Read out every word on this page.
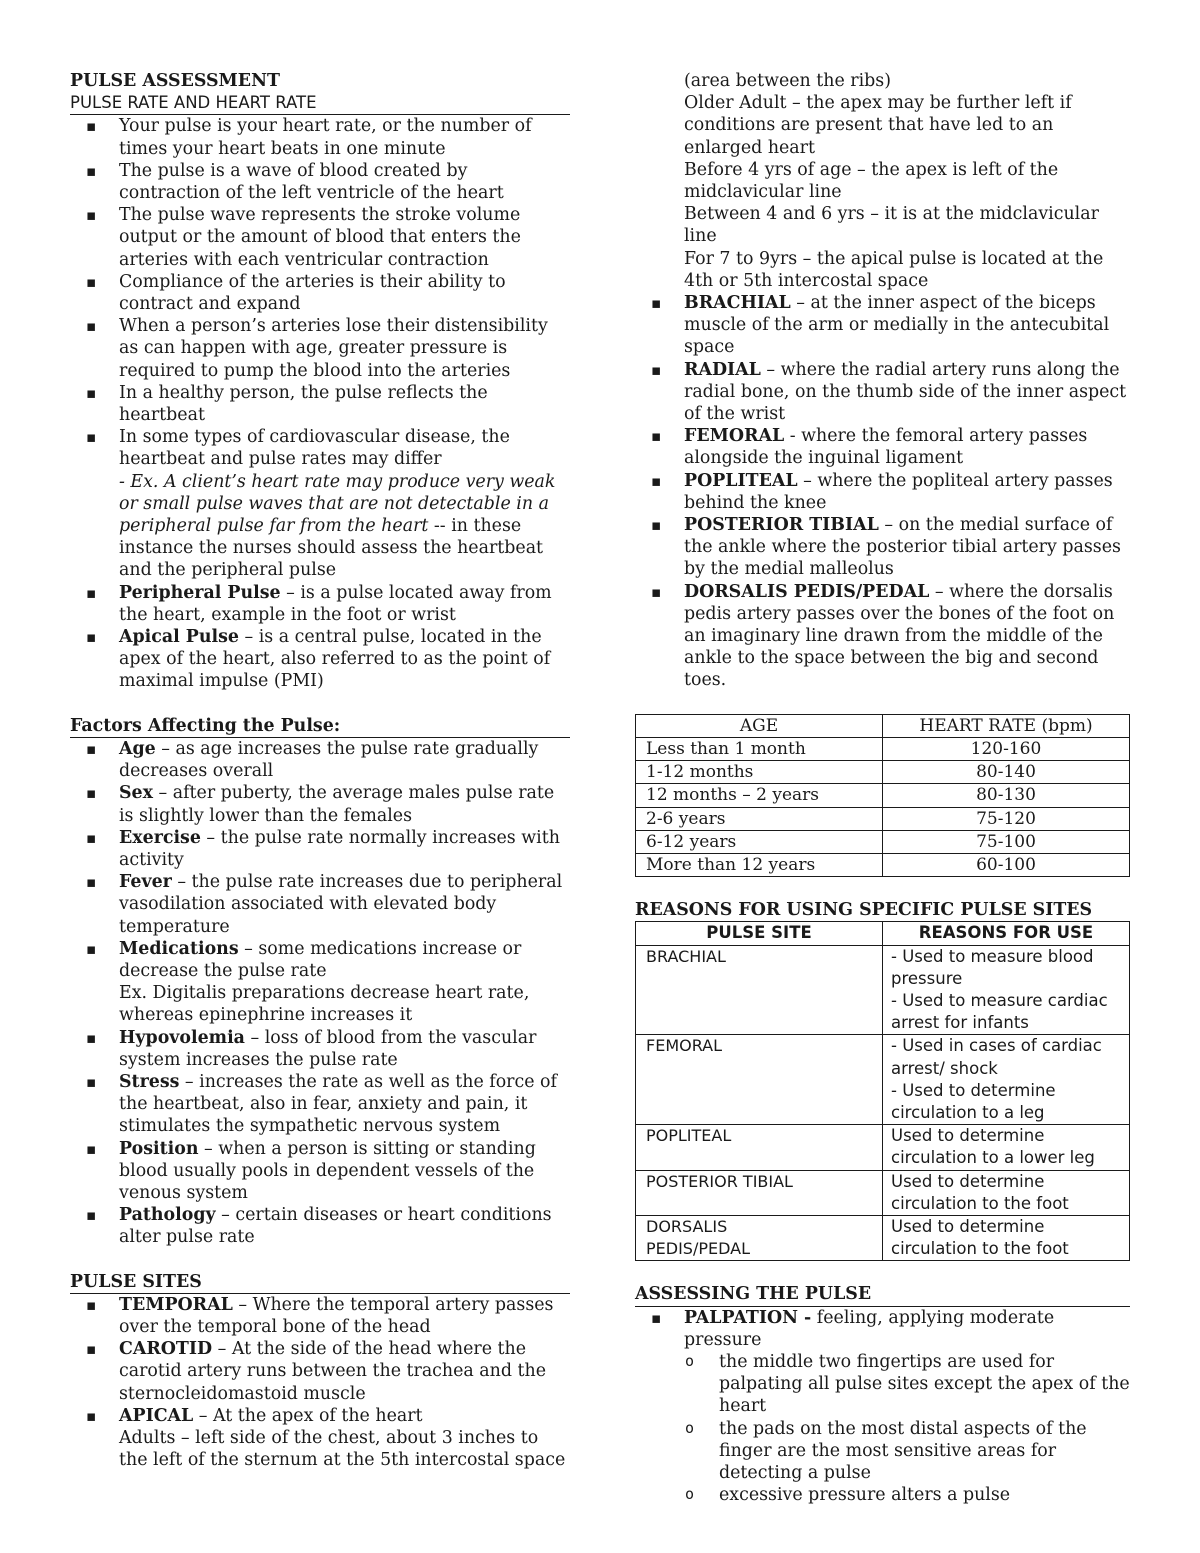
PULSE ASSESSMENT
PULSE RATE AND HEART RATE
▪ Your pulse is your heart rate, or the number of times your heart beats in one minute
▪ The pulse is a wave of blood created by contraction of the left ventricle of the heart
▪ The pulse wave represents the stroke volume output or the amount of blood that enters the arteries with each ventricular contraction
▪ Compliance of the arteries is their ability to contract and expand
▪ When a person’s arteries lose their distensibility as can happen with age, greater pressure is required to pump the blood into the arteries
▪ In a healthy person, the pulse reflects the heartbeat
▪ In some types of cardiovascular disease, the heartbeat and pulse rates may differ
- Ex. A client’s heart rate may produce very weak or small pulse waves that are not detectable in a peripheral pulse far from the heart -- in these instance the nurses should assess the heartbeat and the peripheral pulse
▪ Peripheral Pulse – is a pulse located away from the heart, example in the foot or wrist
▪ Apical Pulse – is a central pulse, located in the apex of the heart, also referred to as the point of maximal impulse (PMI)
Factors Affecting the Pulse:
▪ Age – as age increases the pulse rate gradually decreases overall
▪ Sex – after puberty, the average males pulse rate is slightly lower than the females
▪ Exercise – the pulse rate normally increases with activity
▪ Fever – the pulse rate increases due to peripheral vasodilation associated with elevated body temperature
▪ Medications – some medications increase or decrease the pulse rate
Ex. Digitalis preparations decrease heart rate, whereas epinephrine increases it
▪ Hypovolemia – loss of blood from the vascular system increases the pulse rate
▪ Stress – increases the rate as well as the force of the heartbeat, also in fear, anxiety and pain, it stimulates the sympathetic nervous system
▪ Position – when a person is sitting or standing blood usually pools in dependent vessels of the venous system
▪ Pathology – certain diseases or heart conditions alter pulse rate
PULSE SITES
▪ TEMPORAL – Where the temporal artery passes over the temporal bone of the head
▪ CAROTID – At the side of the head where the carotid artery runs between the trachea and the sternocleidomastoid muscle
▪ APICAL – At the apex of the heart
Adults – left side of the chest, about 3 inches to the left of the sternum at the 5th intercostal space
(area between the ribs)
Older Adult – the apex may be further left if conditions are present that have led to an enlarged heart
Before 4 yrs of age – the apex is left of the midclavicular line
Between 4 and 6 yrs – it is at the midclavicular line
For 7 to 9yrs – the apical pulse is located at the 4th or 5th intercostal space
▪ BRACHIAL – at the inner aspect of the biceps muscle of the arm or medially in the antecubital space
▪ RADIAL – where the radial artery runs along the radial bone, on the thumb side of the inner aspect of the wrist
▪ FEMORAL - where the femoral artery passes alongside the inguinal ligament
▪ POPLITEAL – where the popliteal artery passes behind the knee
▪ POSTERIOR TIBIAL – on the medial surface of the ankle where the posterior tibial artery passes by the medial malleolus
▪ DORSALIS PEDIS/PEDAL – where the dorsalis pedis artery passes over the bones of the foot on an imaginary line drawn from the middle of the ankle to the space between the big and second toes.
AGE	HEART RATE (bpm)
Less than 1 month	120-160
1-12 months	80-140
12 months – 2 years	80-130
2-6 years	75-120
6-12 years	75-100
More than 12 years	60-100
REASONS FOR USING SPECIFIC PULSE SITES
PULSE SITE	REASONS FOR USE

BRACHIAL	- Used to measure blood pressure
- Used to measure cardiac arrest for infants

FEMORAL	- Used in cases of cardiac arrest/ shock
- Used to determine circulation to a leg

POPLITEAL	Used to determine circulation to a lower leg

POSTERIOR TIBIAL	Used to determine circulation to the foot

DORSALIS
PEDIS/PEDAL	Used to determine circulation to the foot
ASSESSING THE PULSE
▪ PALPATION - feeling, applying moderate pressure
o the middle two fingertips are used for palpating all pulse sites except the apex of the heart
o the pads on the most distal aspects of the finger are the most sensitive areas for detecting a pulse
o excessive pressure alters a pulse
